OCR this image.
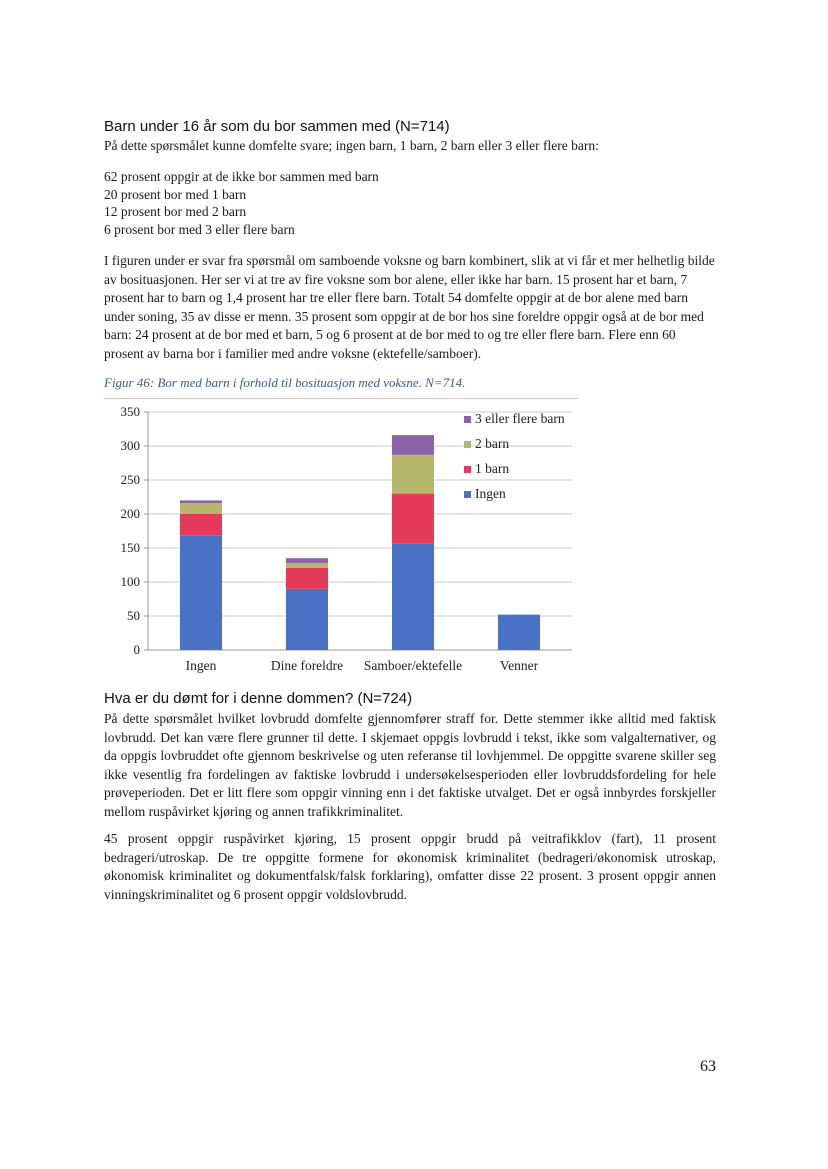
Barn under 16 år som du bor sammen med (N=714)

På dette spørsmålet kunne domfelte svare; ingen barn, 1 barn, 2 barn eller 3 eller flere barn:

62 prosent oppgir at de ikke bor sammen med barn
20 prosent bor med 1 barn
12 prosent bor med 2 barn
6 prosent bor med 3 eller flere barn

I figuren under er svar fra spørsmål om samboende voksne og barn kombinert, slik at vi får et mer helhetlig bilde av bosituasjonen. Her ser vi at tre av fire voksne som bor alene, eller ikke har barn. 15 prosent har et barn, 7 prosent har to barn og 1,4 prosent har tre eller flere barn. Totalt 54 domfelte oppgir at de bor alene med barn under soning, 35 av disse er menn. 35 prosent som oppgir at de bor hos sine foreldre oppgir også at de bor med barn: 24 prosent at de bor med et barn, 5 og 6 prosent at de bor med to og tre eller flere barn. Flere enn 60 prosent av barna bor i familier med andre voksne (ektefelle/samboer).

Figur 46: Bor med barn i forhold til bosituasjon med voksne. N=714.
0
50
100
150
200
250
300
350
Ingen	Dine foreldre Samboer/ektefelle	Venner
3 eller flere barn
2 barn
1 barn
Ingen
Hva er du dømt for i denne dommen? (N=724)

På dette spørsmålet hvilket lovbrudd domfelte gjennomfører straff for. Dette stemmer ikke alltid med faktisk lovbrudd. Det kan være flere grunner til dette. I skjemaet oppgis lovbrudd i tekst, ikke som valgalternativer, og da oppgis lovbruddet ofte gjennom beskrivelse og uten referanse til lovhjemmel. De oppgitte svarene skiller seg ikke vesentlig fra fordelingen av faktiske lovbrudd i undersøkelsesperioden eller lovbruddsfordeling for hele prøveperioden. Det er litt flere som oppgir vinning enn i det faktiske utvalget. Det er også innbyrdes forskjeller mellom ruspåvirket kjøring og annen trafikkriminalitet.

45 prosent oppgir ruspåvirket kjøring, 15 prosent oppgir brudd på veitrafikklov (fart), 11 prosent bedrageri/utroskap. De tre oppgitte formene for økonomisk kriminalitet (bedrageri/økonomisk utroskap, økonomisk kriminalitet og dokumentfalsk/falsk forklaring), omfatter disse 22 prosent. 3 prosent oppgir annen vinningskriminalitet og 6 prosent oppgir voldslovbrudd.

63
